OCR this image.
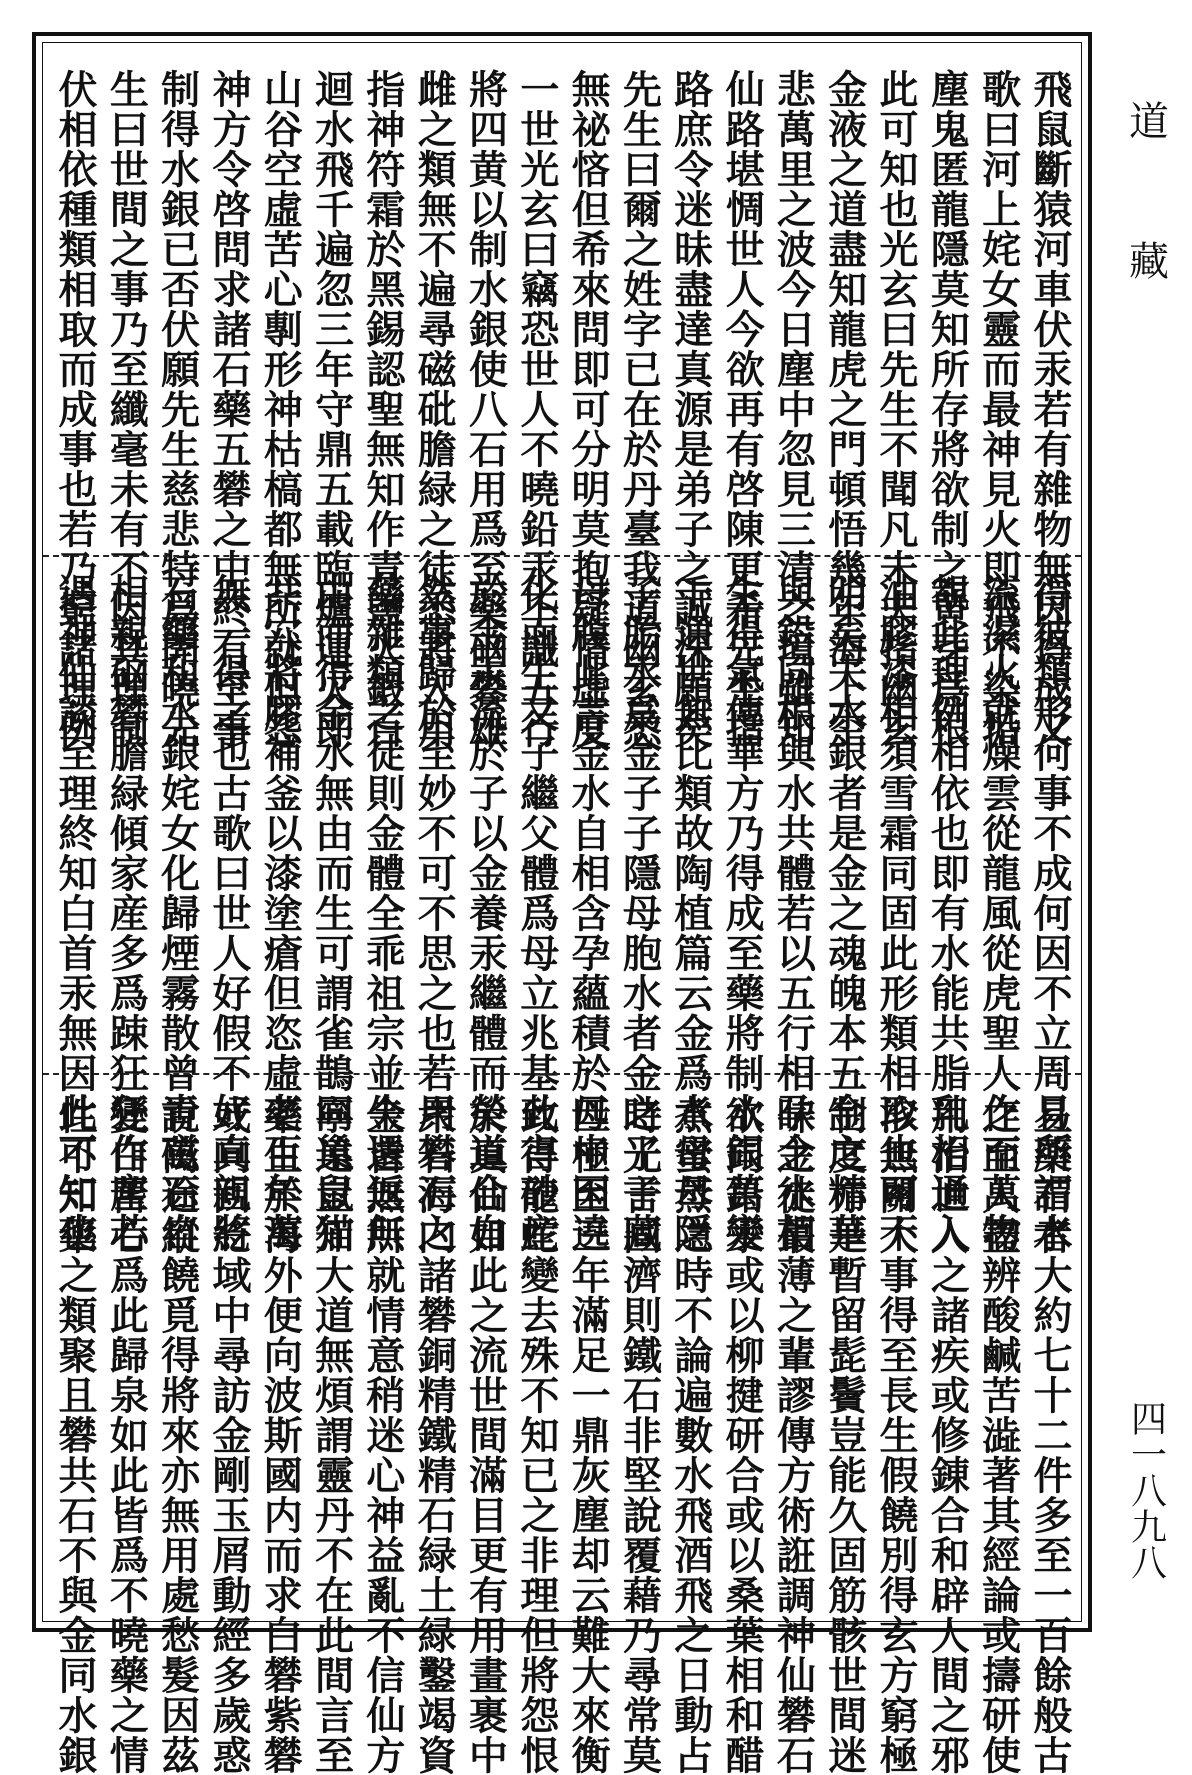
飛鼠斷猿河車伏汞若有雜物無因得成又
歌曰河上姹女靈而最神見火即飛不染垢
塵鬼匿龍隱莫知所存將欲制之黄芽爲根
此可知也光玄曰先生不聞凡未夫指幽玄
金液之道盡知龍虎之門頓悟幾年海上空
悲萬里之波今日塵中忽見三清之境雖知
仙路堪惆世人今欲再有啓陳更希先生指
路庶令迷昧盡達真源是弟子之誠深願矣
先生曰爾之姓字已在於丹臺我道幽玄悉
無祕悋但希來問即可分明莫抱疑情虛度
一世光玄曰竊恐世人不曉鉛汞不識五行
將四黄以制水銀使八石用爲至藥硇礬雄
雌之類無不遍尋磁砒膽緑之徒悉將入用
指神符霜於黑錫認聖無知作青鹽火鍛百
迴水飛千遍忽三年守鼎五載臨爐運火即
山谷空虛苦心剸形神枯槁都無所就但怨
神方令啓問求諸石藥五礬之中終有至事
制得水銀已否伏願先生慈悲特爲開曉先
生曰世間之事乃至纖毫未有不因其理制
伏相依種類相取而成事也若乃窮諸理例
得彼類形何事不成何因不立周易所謂水
流濕火就燥雲從龍風從虎聖人作而萬物
覩此理例相依也即有水能共脂乳相通入
油膠漆相須雪霜同固此形類相取也可不
明矣夫水銀者是金之魂魄本五金之精華
與鉛同根與水共體若以五行相孕金水相
生得氣傳華方乃得成至藥將制水銀萬變
千通世無比類故陶植篇云金爲水母母隱
子胎水爲金子子隱母胞水者金之子子藏
母腹此言金水自相含孕蘊積於母中因遶
化而生又子繼父體爲母立兆基此言砂産
於金汞流於子以金養汞繼體而榮道合自
然事歸於至妙不可不思之也若用礬石之
藥雜類之徒則金體全乖祖宗並失還返無
由而得金水無由而生可謂雀鵲同巢鼠猫
共穴將膠補釜以漆塗瘡但恣虛老百年萬
無一得之也古歌曰世人好假不好真親將
石藥和水銀姹女化歸煙霧散曾青磁石自
相親硇礬膽緑傾家産多爲踈狂狂作塵若
遇神仙談至理終知白首汞無因此可知也
且藥石者大約七十二件多至一百餘般古
之至人盡辨酸鹹苦澁著其經論或擣研使
用治世人之諸疾或修錬合和辟人間之邪
沴無關大事得至長生假饒別得玄方窮極
制度亦是暫留髭鬢豈能久固筋骸世間迷
昧之徒蕞薄之輩謬傳方術誑調神仙礬石
欲同鉛汞或以柳揵研合或以桑葉相和醋
煮蜜蒸之時不論遍數水飛酒飛之日動占
時光言固濟則鐵石非堅說覆藉乃尋常莫
匹極至三年滿足一鼎灰塵却云難大來衡
致得龍蛇變去殊不知已之非理但將怨恨
於真仙如此之流世間滿目更有用畫裹中
衆石海内諸礬銅精鐵精石緑土緑鑿竭資
金皆無所就情意稍迷心神益亂不信仙方
寧遠豈知大道無煩謂靈丹不在此間言至
藥生於海外便向波斯國内而求白礬紫礬
或向回紇域中尋訪金剛玉屑動經多歲惑
說萬途縱饒覓得將來亦無用處愁髮因茲
變白苦心爲此歸泉如此皆爲不曉藥之情
性不知藥之類聚且礬共石不與金同水銀
道
藏
四一八九八
